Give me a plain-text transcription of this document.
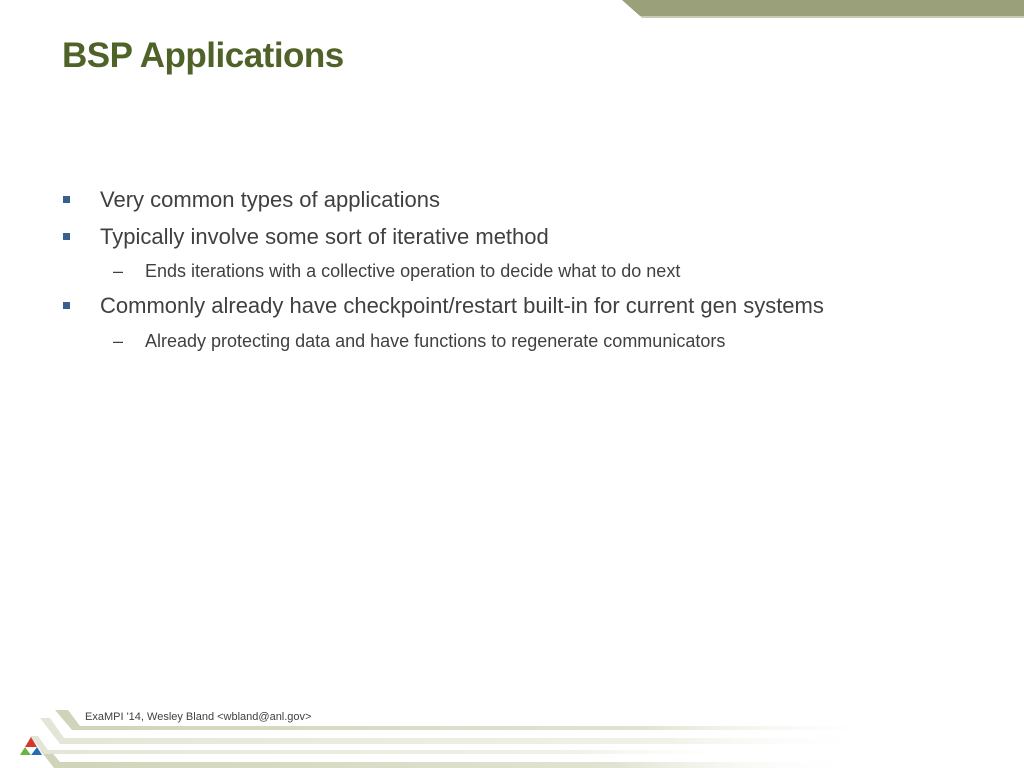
BSP Applications
Very common types of applications
Typically involve some sort of iterative method
– Ends iterations with a collective operation to decide what to do next
Commonly already have checkpoint/restart built-in for current gen systems
– Already protecting data and have functions to regenerate communicators
ExaMPI '14, Wesley Bland <wbland@anl.gov>
